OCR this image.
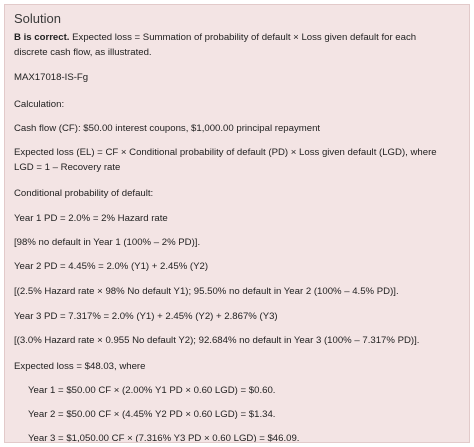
Solution
B is correct. Expected loss = Summation of probability of default × Loss given default for each discrete cash flow, as illustrated.
MAX17018-IS-Fg
Calculation:
Cash flow (CF): $50.00 interest coupons, $1,000.00 principal repayment
Expected loss (EL) = CF × Conditional probability of default (PD) × Loss given default (LGD), where LGD = 1 – Recovery rate
Conditional probability of default:
Year 1 PD = 2.0% = 2% Hazard rate
[98% no default in Year 1 (100% – 2% PD)].
Year 2 PD = 4.45% = 2.0% (Y1) + 2.45% (Y2)
[(2.5% Hazard rate × 98% No default Y1); 95.50% no default in Year 2 (100% – 4.5% PD)].
Year 3 PD = 7.317% = 2.0% (Y1) + 2.45% (Y2) + 2.867% (Y3)
[(3.0% Hazard rate × 0.955 No default Y2); 92.684% no default in Year 3 (100% – 7.317% PD)].
Expected loss = $48.03, where
Year 1 = $50.00 CF × (2.00% Y1 PD × 0.60 LGD) = $0.60.
Year 2 = $50.00 CF × (4.45% Y2 PD × 0.60 LGD) = $1.34.
Year 3 = $1,050.00 CF × (7.316% Y3 PD × 0.60 LGD) = $46.09.
